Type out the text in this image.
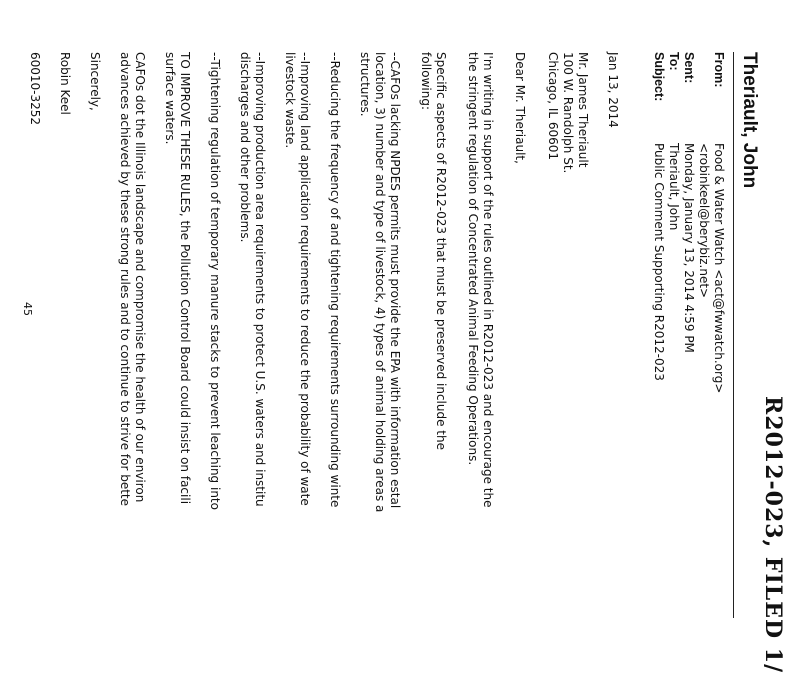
R2012-023, FILED 1/
Theriault, John
From:
Food & Water Watch <act@fwwatch.org>
<robinkeel@berybiz.net>
Sent:
Monday, January 13, 2014 4:59 PM
To:
Theriault, John
Subject:
Public Comment Supporting R2012-023
Jan 13, 2014
Mr. James Theriault
100 W. Randolph St.
Chicago, IL 60601
Dear Mr. Theriault,
I'm writing in support of the rules outlined in R2012-023 and encourage the
the stringent regulation of Concentrated Animal Feeding Operations.
Specific aspects of R2012-023 that must be preserved include the
following:
--CAFOs lacking NPDES permits must provide the EPA with information estal
location, 3) number and type of livestock, 4) types of animal holding areas a
structures.
--Reducing the frequency of and tightening requirements surrounding winte
--Improving land application requirements to reduce the probability of wate
livestock waste.
--Improving production area requirements to protect U.S. waters and institu
discharges and other problems.
--Tightening regulation of temporary manure stacks to prevent leaching into
TO IMPROVE THESE RULES, the Pollution Control Board could insist on facili
surface waters.
CAFOs dot the Illinois landscape and compromise the health of our environ
advances achieved by these strong rules and to continue to strive for bette
Sincerely,
Robin Keel
60010-3252
45
